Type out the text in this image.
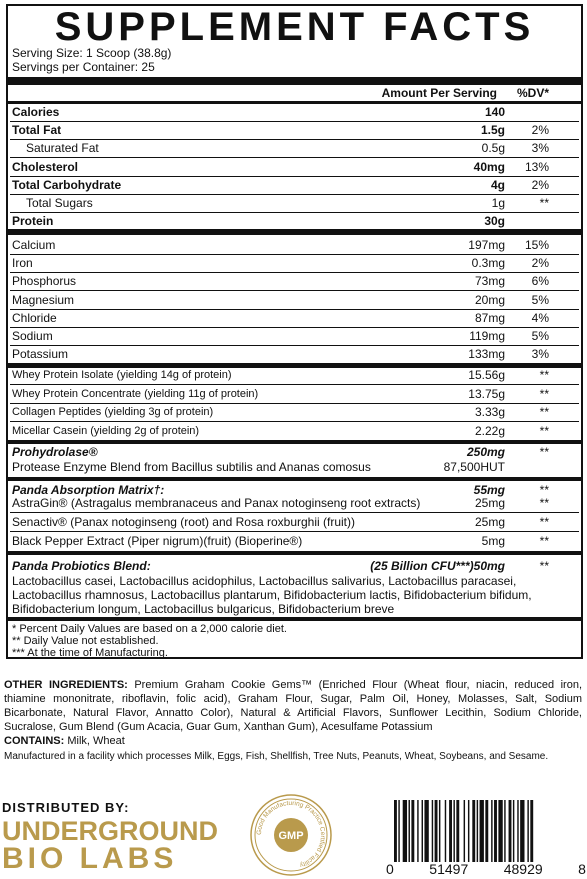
SUPPLEMENT FACTS
Serving Size: 1 Scoop (38.8g)
Servings per Container: 25
Amount Per Serving %DV*
Calories	140
Total Fat	1.5g 2%
Saturated Fat	0.5g 3%
Cholesterol	40mg 13%
Total Carbohydrate	4g 2%
Total Sugars	1g	**
Protein	30g
Calcium	197mg 15%
Iron	0.3mg 2%
Phosphorus	73mg 6%
Magnesium	20mg 5%
Chloride	87mg 4%
Sodium	119mg 5%
Potassium	133mg 3%
Whey Protein Isolate (yielding 14g of protein)	15.56g	**
Whey Protein Concentrate (yielding 11g of protein)	13.75g	**
Collagen Peptides (yielding 3g of protein)	3.33g	**
Micellar Casein (yielding 2g of protein)	2.22g	**
Prohydrolase®	250mg	**
Protease Enzyme Blend from Bacillus subtilis and Ananas comosus	87,500HUT
Panda Absorption Matrix†:	55mg	**
AstraGin® (Astragalus membranaceus and Panax notoginseng root extracts)	25mg	**
Senactiv® (Panax notoginseng (root) and Rosa roxburghii (fruit))	25mg	**
Black Pepper Extract (Piper nigrum)(fruit) (Bioperine®)	5mg	**
Panda Probiotics Blend:	(25 Billion CFU***)50mg	**
Lactobacillus casei, Lactobacillus acidophilus, Lactobacillus salivarius, Lactobacillus paracasei,
Lactobacillus rhamnosus, Lactobacillus plantarum, Bifidobacterium lactis, Bifidobacterium bifidum,
Bifidobacterium longum, Lactobacillus bulgaricus, Bifidobacterium breve
* Percent Daily Values are based on a 2,000 calorie diet.
** Daily Value not established.
*** At the time of Manufacturing.
OTHER INGREDIENTS: Premium Graham Cookie Gems™ (Enriched Flour (Wheat flour, niacin, reduced iron, thiamine mononitrate, riboflavin, folic acid), Graham Flour, Sugar, Palm Oil, Honey, Molasses, Salt, Sodium Bicarbonate, Natural Flavor, Annatto Color), Natural & Artificial Flavors, Sunflower Lecithin, Sodium Chloride, Sucralose, Gum Blend (Gum Acacia, Guar Gum, Xanthan Gum), Acesulfame Potassium
CONTAINS: Milk, Wheat
Manufactured in a facility which processes Milk, Eggs, Fish, Shellfish, Tree Nuts, Peanuts, Wheat, Soybeans, and Sesame.
DISTRIBUTED BY:
UNDERGROUND
BIO LABS
Good Manufacturing Practice Certified Facility
GMP
0	51497	48929	8
